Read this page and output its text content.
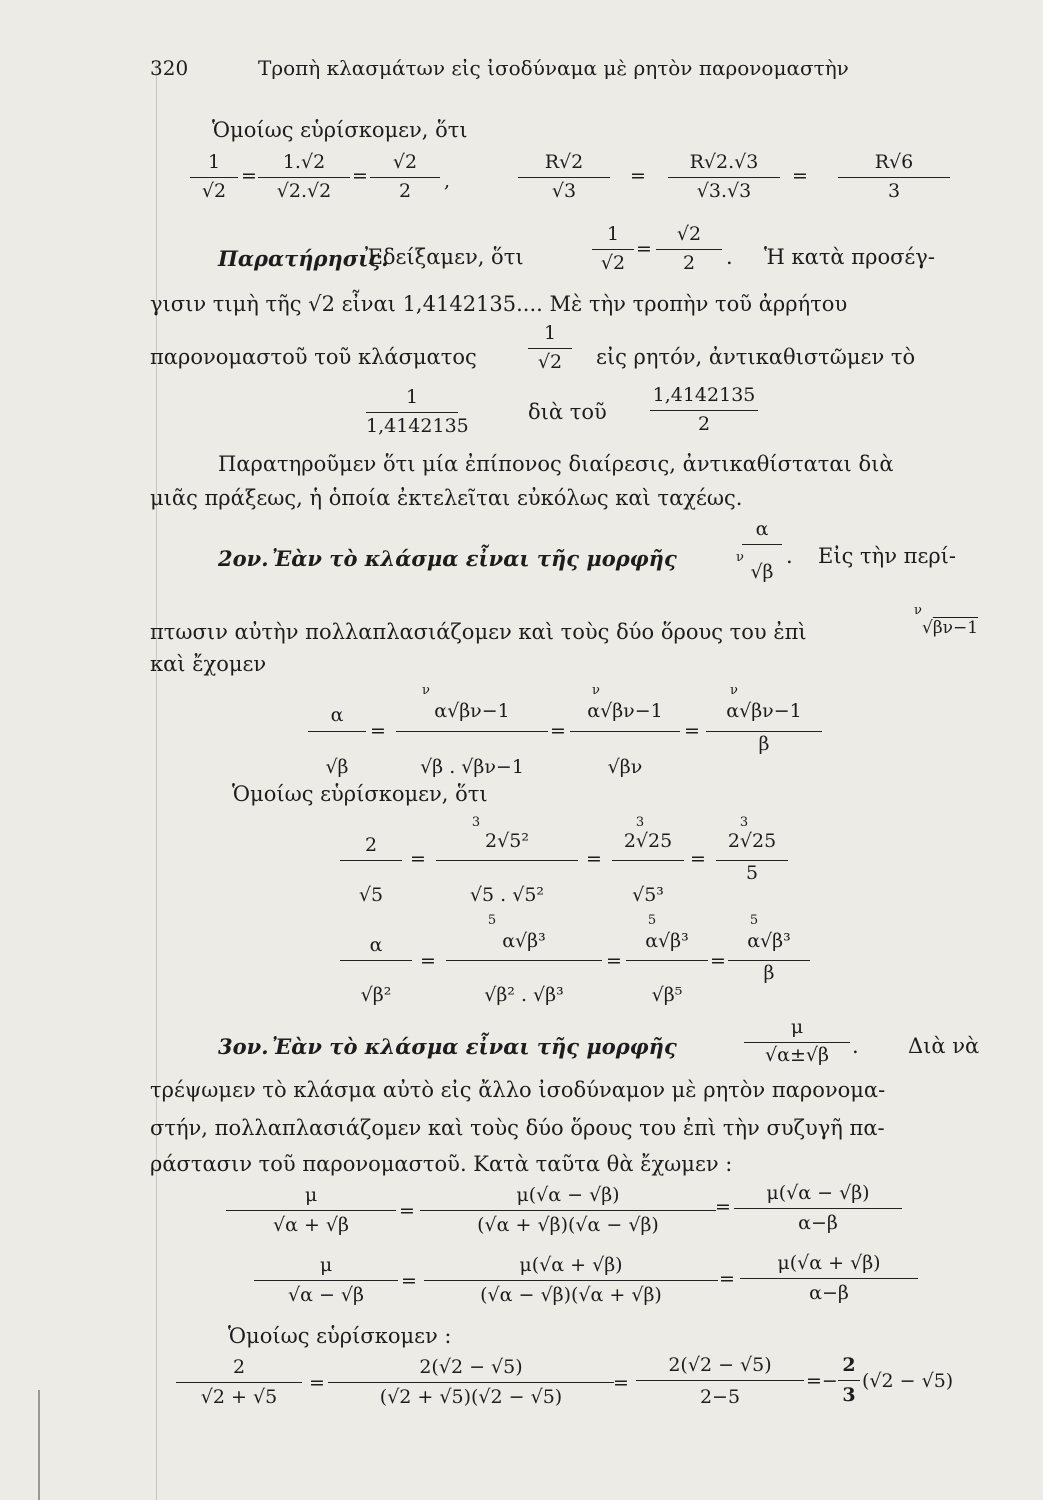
320	Τροπὴ κλασμάτων εἰς ἰσοδύναμα μὲ ρητὸν παρονομαστὴν
Ὁμοίως εὑρίσκομεν, ὅτι
1
√2
=
1.√2
√2.√2
=
√2
2	,
R√2
√3
=
R√2.√3
√3.√3
=
R√6
3
Παρατήρησις.
Ἐδείξαμεν, ὅτι
1
√2
=
√2
2	. Ἡ κατὰ προσέγ-
γισιν τιμὴ τῆς √2 εἶναι 1,4142135.... Μὲ τὴν τροπὴν τοῦ ἀρρήτου
παρονομαστοῦ τοῦ κλάσματος
1
√2	εἰς ρητόν, ἀντικαθιστῶμεν τὸ
1
1,4142135
διὰ τοῦ
1,4142135
2
Παρατηροῦμεν ὅτι μία ἐπίπονος διαίρεσις, ἀντικαθίσταται διὰ
μιᾶς πράξεως, ἡ ὁποία ἐκτελεῖται εὐκόλως καὶ ταχέως.
2ον. Ἐὰν τὸ κλάσμα εἶναι τῆς μορφῆς	ν
α
√β
. Εἰς τὴν περί-
πτωσιν αὐτὴν πολλαπλασιάζομεν καὶ τοὺς δύο ὅρους του ἐπὶ
ν
√βν−1
καὶ ἔχομεν
ν	ν	ν
α
√β
=
α√βν−1
√β . √βν−1
=
α√βν−1
√βν
=
α√βν−1
β
Ὁμοίως εὑρίσκομεν, ὅτι
3	3	3
2
√5
=
2√5²
√5 . √5²
=
2√25
√5³
=
2√25
5
5	5	5
α
√β²
=
α√β³
√β² . √β³
=
α√β³
√β⁵
=
α√β³
β
3ον. Ἐὰν τὸ κλάσμα εἶναι τῆς μορφῆς
μ
√α±√β	. Διὰ νὰ
τρέψωμεν τὸ κλάσμα αὐτὸ εἰς ἄλλο ἰσοδύναμον μὲ ρητὸν παρονομα-
στήν, πολλαπλασιάζομεν καὶ τοὺς δύο ὅρους του ἐπὶ τὴν συζυγῆ πα-
ράστασιν τοῦ παρονομαστοῦ. Κατὰ ταῦτα θὰ ἔχωμεν :
μ
√α + √β
=
μ(√α − √β)
(√α + √β)(√α − √β)
=
μ(√α − √β)
α−β
μ
√α − √β
=
μ(√α + √β)
(√α − √β)(√α + √β)
=
μ(√α + √β)
α−β
Ὁμοίως εὑρίσκομεν :
2
√2 + √5
=
2(√2 − √5)
(√2 + √5)(√2 − √5)
=
2(√2 − √5)
2−5
=−
2
3
(√2 − √5)
